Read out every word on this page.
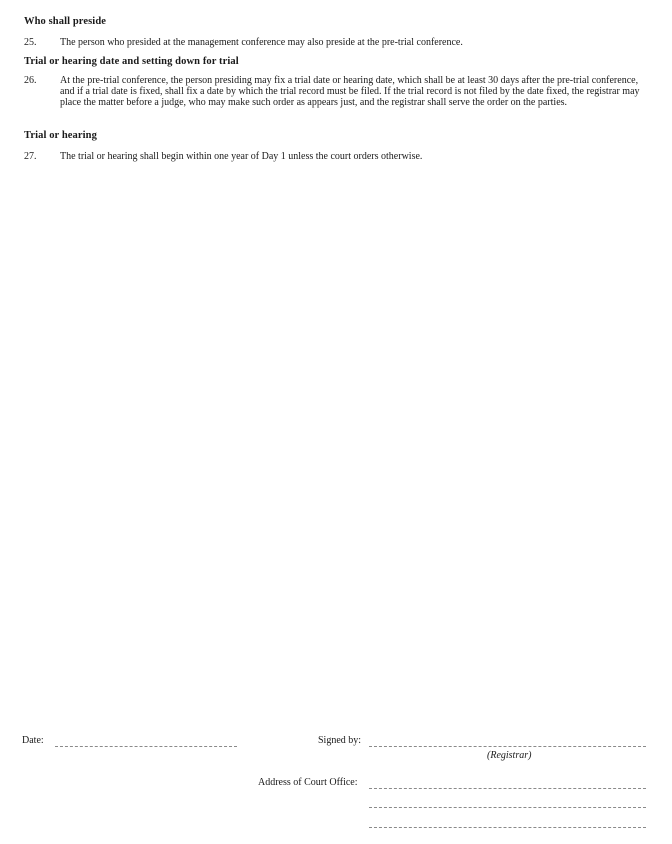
Who shall preside
25. The person who presided at the management conference may also preside at the pre-trial conference.
Trial or hearing date and setting down for trial
26. At the pre-trial conference, the person presiding may fix a trial date or hearing date, which shall be at least 30 days after the pre-trial conference, and if a trial date is fixed, shall fix a date by which the trial record must be filed. If the trial record is not filed by the date fixed, the registrar may place the matter before a judge, who may make such order as appears just, and the registrar shall serve the order on the parties.
Trial or hearing
27. The trial or hearing shall begin within one year of Day 1 unless the court orders otherwise.
Date:	Signed by:
(Registrar)
Address of Court Office:
